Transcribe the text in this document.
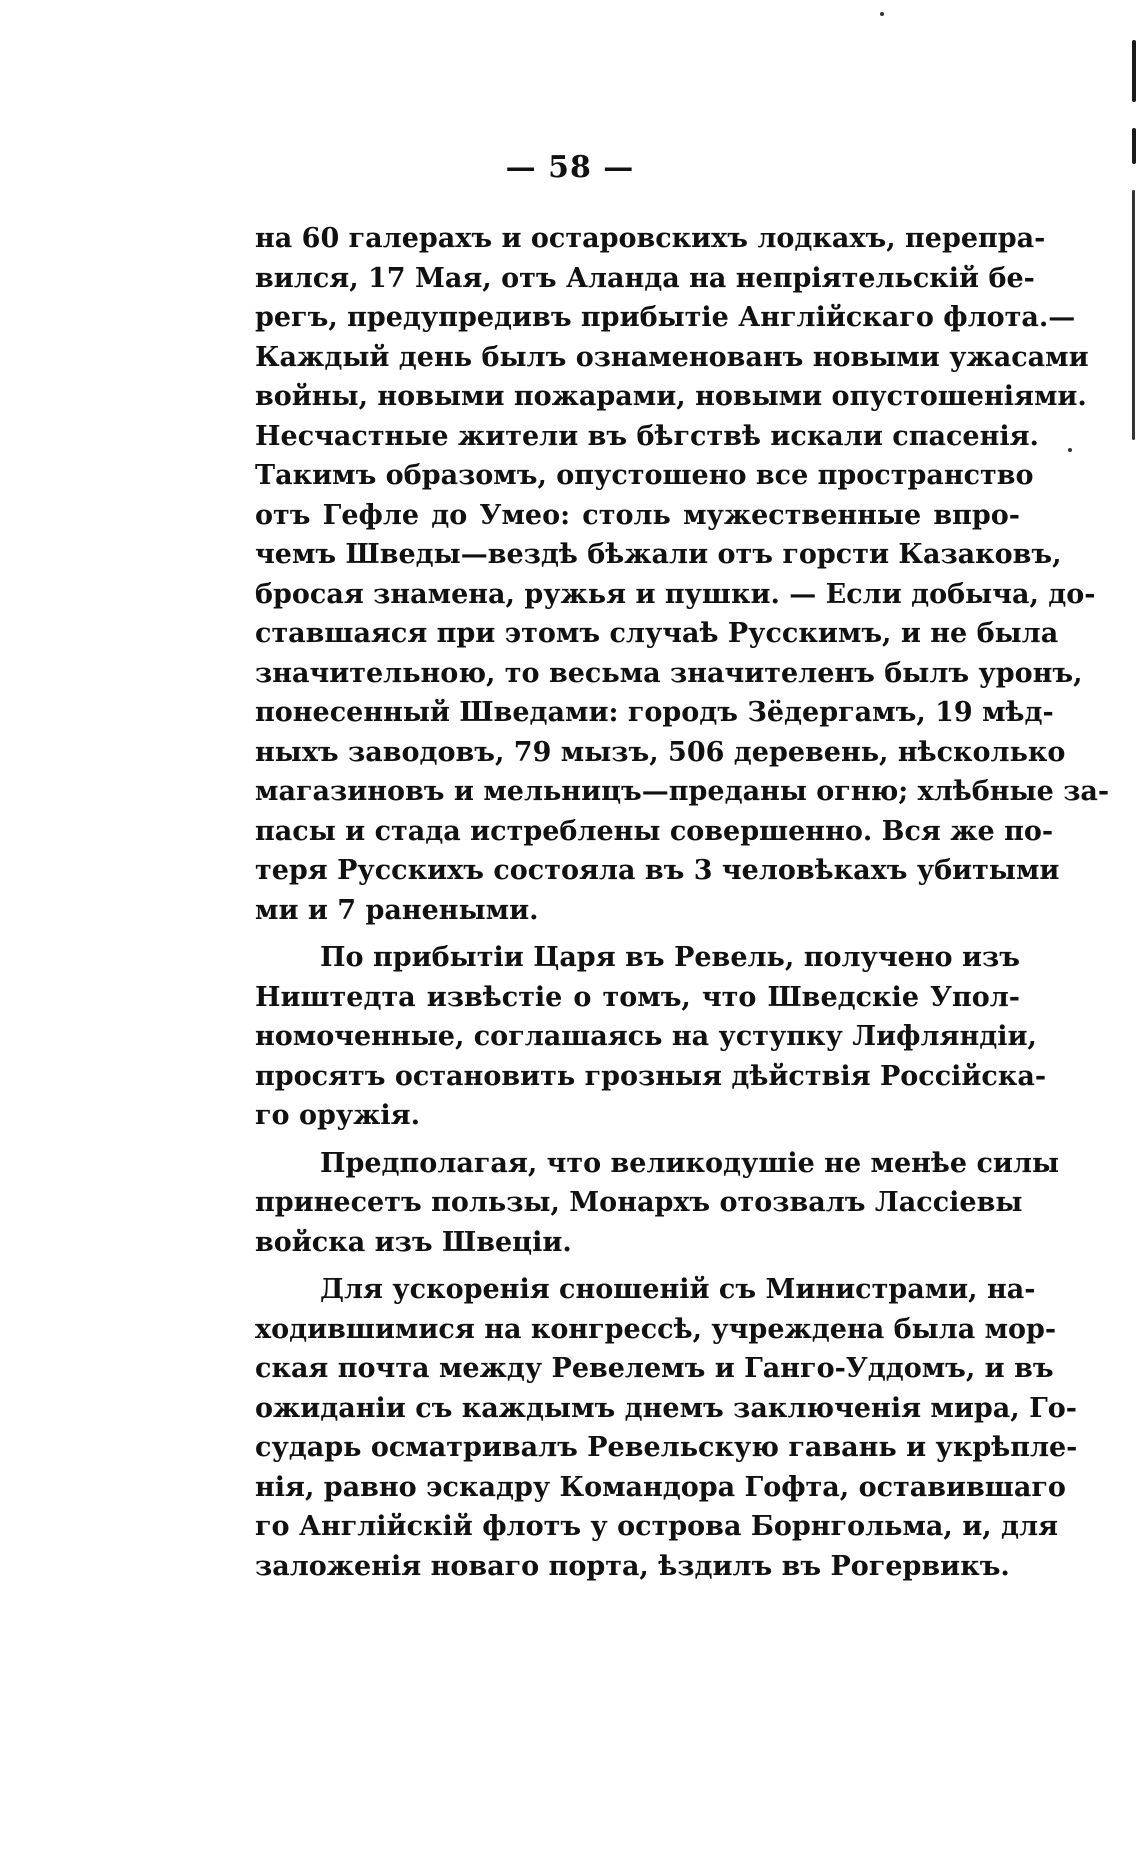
— 58 —
на 60 галерахъ и остаровскихъ лодкахъ, перепра-
вился, 17 Мая, отъ Аланда на непріятельскій бе-
регъ, предупредивъ прибытіе Англійскаго флота.—
Каждый день былъ ознаменованъ новыми ужасами
войны, новыми пожарами, новыми опустошеніями.
Несчастные жители въ бѣгствѣ искали спасенія.
Такимъ образомъ, опустошено все пространство
отъ Гефле до Умео: столь мужественные впро-
чемъ Шведы—вездѣ бѣжали отъ горсти Казаковъ,
бросая знамена, ружья и пушки. — Если добыча, до-
ставшаяся при этомъ случаѣ Русскимъ, и не была
значительною, то весьма значителенъ былъ уронъ,
понесенный Шведами: городъ Зёдергамъ, 19 мѣд-
ныхъ заводовъ, 79 мызъ, 506 деревень, нѣсколько
магазиновъ и мельницъ—преданы огню; хлѣбные за-
пасы и стада истреблены совершенно. Вся же по-
теря Русскихъ состояла въ 3 человѣкахъ убитыми
ми и 7 ранеными.
По прибытіи Царя въ Ревель, получено изъ
Ништедта извѣстіе о томъ, что Шведскіе Упол-
номоченные, соглашаясь на уступку Лифляндіи,
просятъ остановить грозныя дѣйствія Россійска-
го оружія.
Предполагая, что великодушіе не менѣе силы
принесетъ пользы, Монархъ отозвалъ Лассіевы
войска изъ Швеціи.
Для ускоренія сношеній съ Министрами, на-
ходившимися на конгрессѣ, учреждена была мор-
ская почта между Ревелемъ и Ганго-Уддомъ, и въ
ожиданіи съ каждымъ днемъ заключенія мира, Го-
сударь осматривалъ Ревельскую гавань и укрѣпле-
нія, равно эскадру Командора Гофта, оставившаго
го Англійскій флотъ у острова Борнгольма, и, для
заложенія новаго порта, ѣздилъ въ Рогервикъ.
